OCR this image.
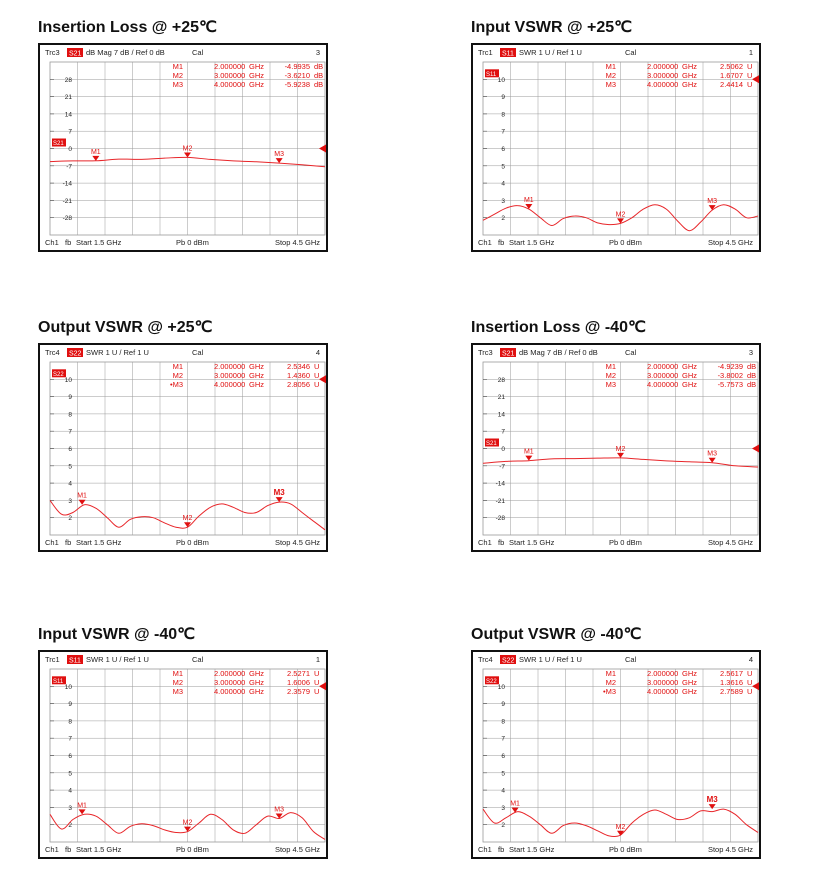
Insertion Loss @ +25℃
Trc3 S21 dB Mag 7 dB / Ref 0 dB	Cal	3
28
21
14
7
0
-7
-14
-21
-28
S21
M1	2.000000 GHz	-4.9935 dB
M2	3.000000 GHz	-3.6210 dB
M3	4.000000 GHz	-5.9238 dB
M1	M2
M3
Ch1 fb Start 1.5 GHz	Pb 0 dBm	Stop 4.5 GHz
Input VSWR @ +25℃
Trc1 S11 SWR 1 U / Ref 1 U	Cal	1
10
9
8
7
6
5
4
3
2
S11
M1	2.000000 GHz	2.5062 U
M2	3.000000 GHz	1.6707 U
M3	4.000000 GHz	2.4414 U
M1
M2
M3
Ch1 fb Start 1.5 GHz	Pb 0 dBm	Stop 4.5 GHz
Output VSWR @ +25℃
Trc4 S22 SWR 1 U / Ref 1 U	Cal	4
10
9
8
7
6
5
4
3
2
S22
M1	2.000000 GHz	2.5346 U
M2	3.000000 GHz	1.4360 U
•M3	4.000000 GHz	2.8056 U
M1
M2
M3
Ch1 fb Start 1.5 GHz	Pb 0 dBm	Stop 4.5 GHz
Insertion Loss @ -40℃
Trc3 S21 dB Mag 7 dB / Ref 0 dB	Cal	3
28
21
14
7
0
-7
-14
-21
-28
S21
M1	2.000000 GHz	-4.9239 dB
M2	3.000000 GHz	-3.8002 dB
M3	4.000000 GHz	-5.7573 dB
M1	M2
M3
Ch1 fb Start 1.5 GHz	Pb 0 dBm	Stop 4.5 GHz
Input VSWR @ -40℃
Trc1 S11 SWR 1 U / Ref 1 U	Cal	1
10
9
8
7
6
5
4
3
2
S11
M1	2.000000 GHz	2.5271 U
M2	3.000000 GHz	1.6006 U
M3	4.000000 GHz	2.3579 U
M1
M2
M3
Ch1 fb Start 1.5 GHz	Pb 0 dBm	Stop 4.5 GHz
Output VSWR @ -40℃
Trc4 S22 SWR 1 U / Ref 1 U	Cal	4
10
9
8
7
6
5
4
3
2
S22
M1	2.000000 GHz	2.5617 U
M2	3.000000 GHz	1.3616 U
•M3	4.000000 GHz	2.7589 U
M1
M2
M3
Ch1 fb Start 1.5 GHz	Pb 0 dBm	Stop 4.5 GHz
